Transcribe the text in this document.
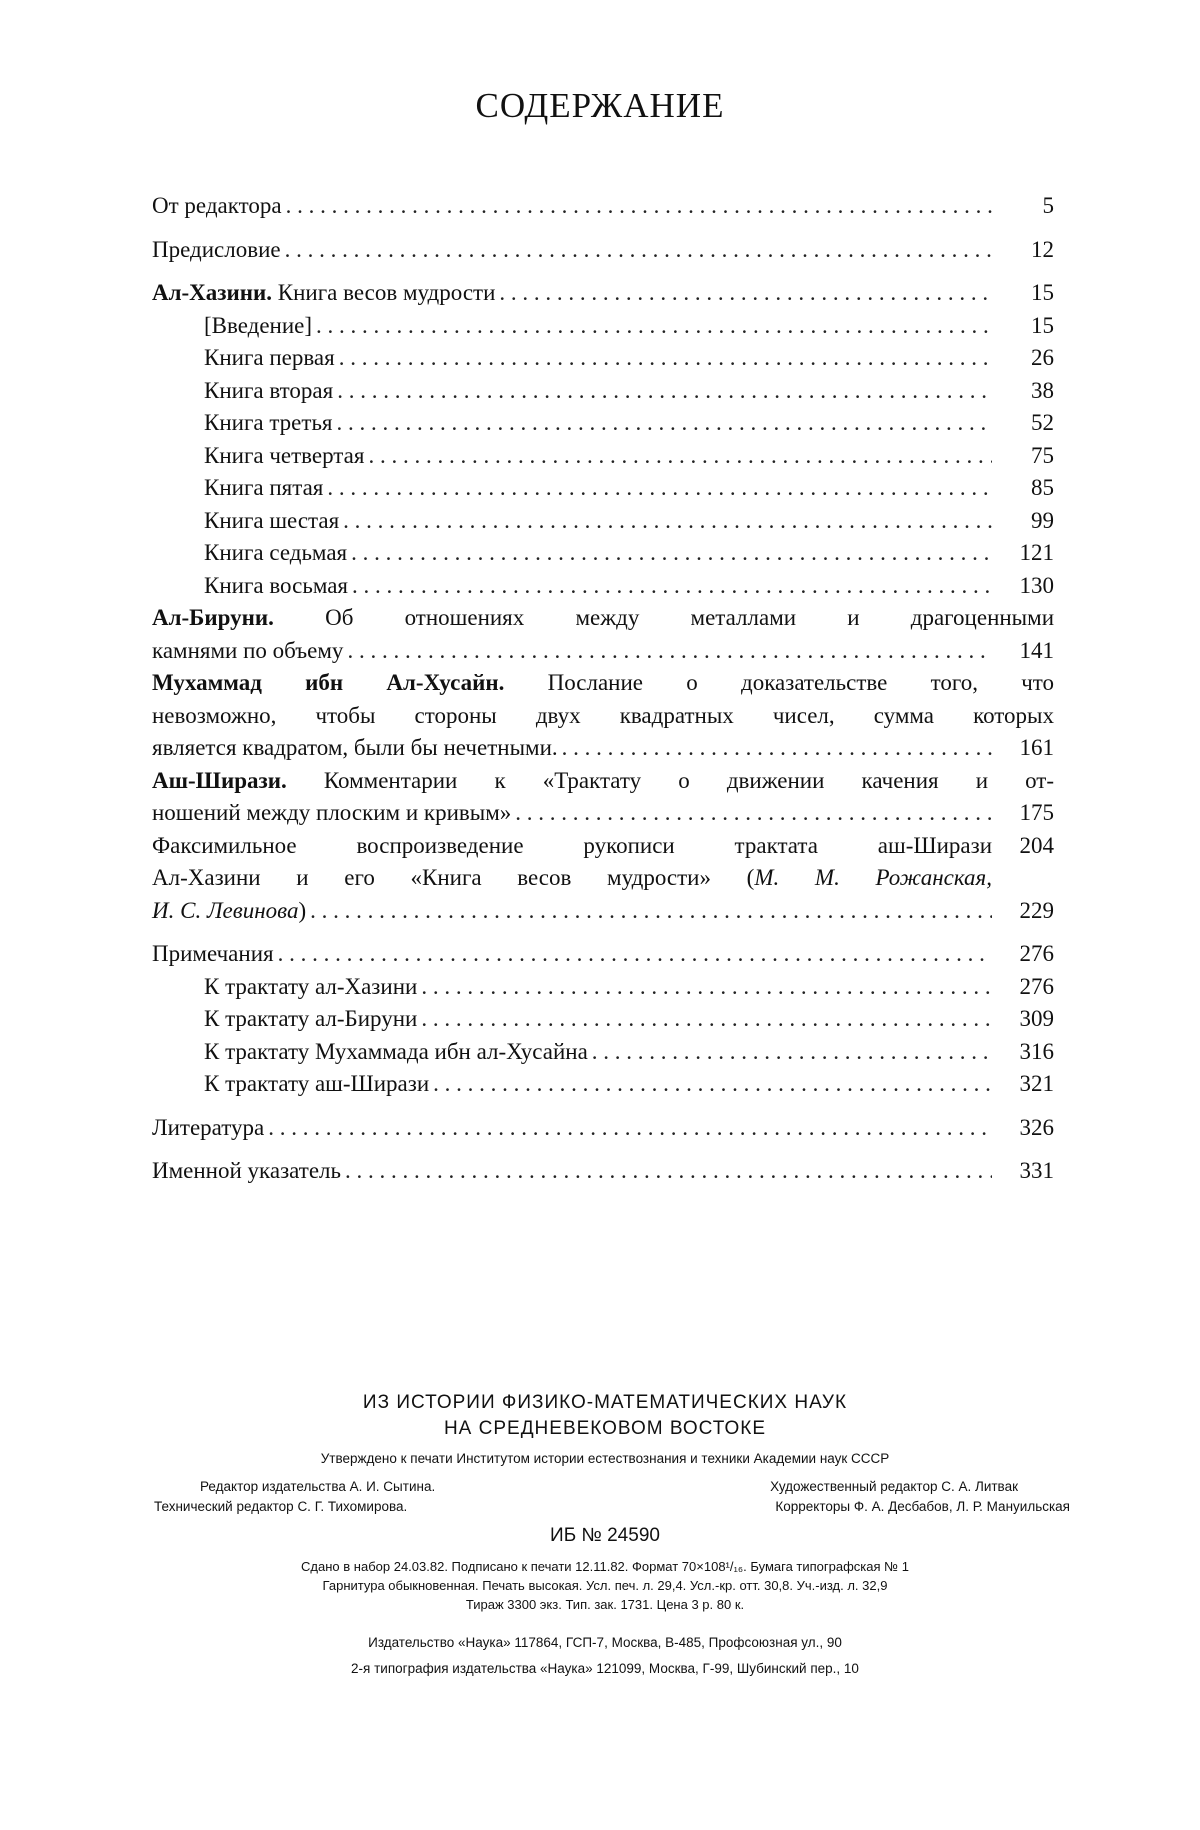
СОДЕРЖАНИЕ
От редактора . . .	5
Предисловие . . .	12
Ал-Хазини. Книга весов мудрости . . .	15
[Введение] . . .	15
Книга первая . . .	26
Книга вторая . . .	38
Книга третья . . .	52
Книга четвертая . . .	75
Книга пятая . . .	85
Книга шестая . . .	99
Книга седьмая . . .	121
Книга восьмая . . .	130
Ал-Бируни. Об отношениях между металлами и драгоценными
камнями по объему . . .	141
Мухаммад ибн Ал-Хусайн. Послание о доказательстве того, что
невозможно, чтобы стороны двух квадратных чисел, сумма которых
является квадратом, были бы нечетными. . . .	161
Аш-Ширази. Комментарии к «Трактату о движении качения и от-
ношений между плоским и кривым» . . .	175
Факсимильное воспроизведение рукописи трактата аш-Ширази	204
Ал-Хазини и его «Книга весов мудрости» (М. М. Рожанская,
И. С. Левинова) . . .	229
Примечания . . .	276
К трактату ал-Хазини . . .	276
К трактату ал-Бируни . . .	309
К трактату Мухаммада ибн ал-Хусайна . . .	316
К трактату аш-Ширази . . .	321
Литература . . .	326
Именной указатель . . .	331
ИЗ ИСТОРИИ ФИЗИКО-МАТЕМАТИЧЕСКИХ НАУК
НА СРЕДНЕВЕКОВОМ ВОСТОКЕ
Утверждено к печати Институтом истории естествознания и техники Академии наук СССР
Редактор издательства А. И. Сытина.	Художественный редактор С. А. Литвак
Технический редактор С. Г. Тихомирова.	Корректоры Ф. А. Десбабов, Л. Р. Мануильская
ИБ № 24590
Сдано в набор 24.03.82. Подписано к печати 12.11.82. Формат 70×108¹/₁₆. Бумага типографская № 1
Гарнитура обыкновенная. Печать высокая. Усл. печ. л. 29,4. Усл.-кр. отт. 30,8. Уч.-изд. л. 32,9
Тираж 3300 экз. Тип. зак. 1731. Цена 3 р. 80 к.
Издательство «Наука» 117864, ГСП-7, Москва, В-485, Профсоюзная ул., 90
2-я типография издательства «Наука» 121099, Москва, Г-99, Шубинский пер., 10
